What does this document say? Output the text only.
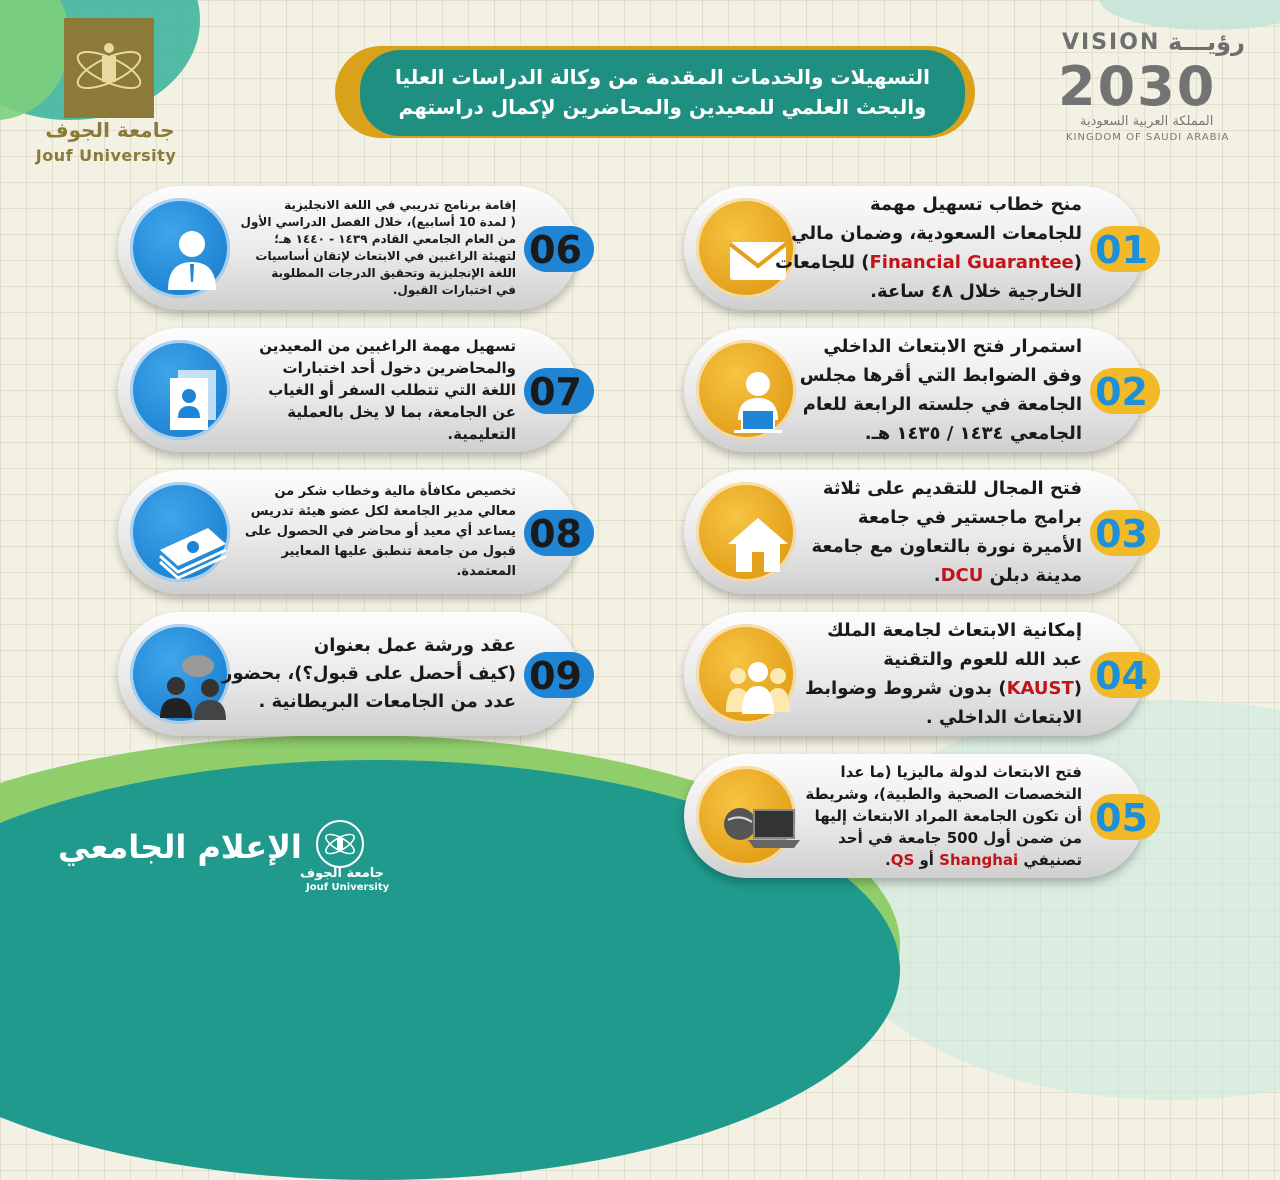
جامعة الجوف
Jouf University
التسهيلات والخدمات المقدمة من وكالة الدراسات العليا
والبحث العلمي للمعيدين والمحاضرين لإكمال دراستهم
VISION رؤيـــة
2030
المملكة العربية السعودية
KINGDOM OF SAUDI ARABIA
01
منح خطاب تسهيل مهمة
للجامعات السعودية، وضمان مالي
(Financial Guarantee) للجامعات
الخارجية خلال ٤٨ ساعة.
02
استمرار فتح الابتعاث الداخلي
وفق الضوابط التي أقرها مجلس
الجامعة في جلسته الرابعة للعام
الجامعي ١٤٣٤ / ١٤٣٥ هـ.
03
فتح المجال للتقديم على ثلاثة
برامج ماجستير في جامعة
الأميرة نورة بالتعاون مع جامعة
مدينة دبلن DCU.
04
إمكانية الابتعاث لجامعة الملك
عبد الله للعوم والتقنية
(KAUST) بدون شروط وضوابط
الابتعاث الداخلي .
05
فتح الابتعاث لدولة ماليزيا (ما عدا
التخصصات الصحية والطبية)، وشريطة
أن تكون الجامعة المراد الابتعاث إليها
من ضمن أول 500 جامعة في أحد
تصنيفي Shanghai أو QS.
06
إقامة برنامج تدريبي في اللغة الانجليزية
( لمدة 10 أسابيع)، خلال الفصل الدراسي الأول
من العام الجامعي القادم ١٤٣٩ - ١٤٤٠ هـ؛
لتهيئة الراغبين في الابتعاث لإتقان أساسيات
اللغة الإنجليزية وتحقيق الدرجات المطلوبة
في اختبارات القبول.
07
تسهيل مهمة الراغبين من المعيدين
والمحاضرين دخول أحد اختبارات
اللغة التي تتطلب السفر أو الغياب
عن الجامعة، بما لا يخل بالعملية
التعليمية.
08
تخصيص مكافأة مالية وخطاب شكر من
معالي مدير الجامعة لكل عضو هيئة تدريس
يساعد أي معيد أو محاضر في الحصول على
قبول من جامعة تنطبق عليها المعايير
المعتمدة.
09
عقد ورشة عمل بعنوان
(كيف أحصل على قبول؟)، بحضور
عدد من الجامعات البريطانية .
الإعلام الجامعي
جامعة الجوف
Jouf University
